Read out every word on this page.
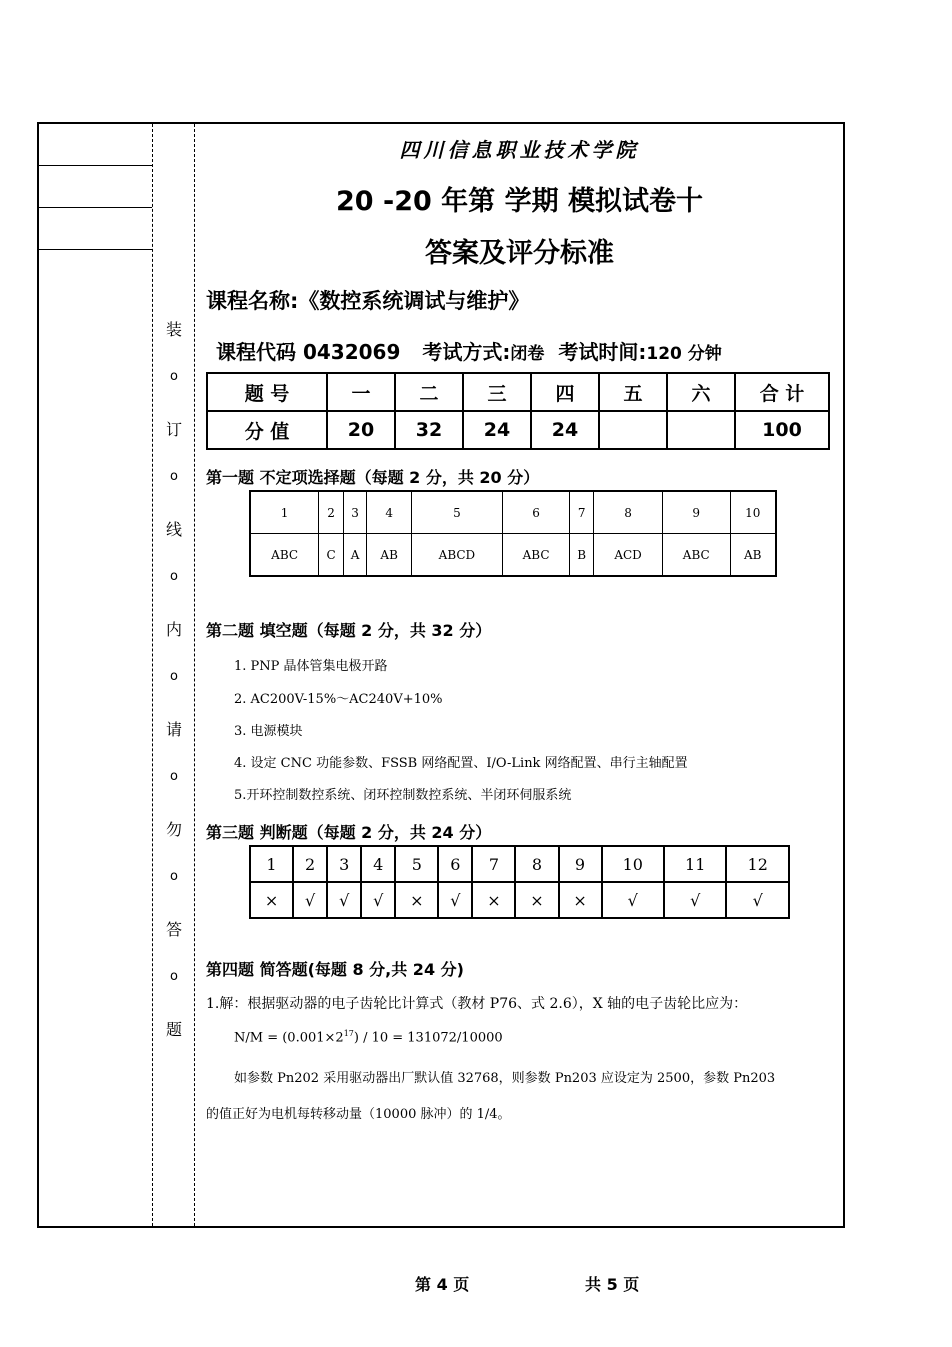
装
o
订
o
线
o
内
o
请
o
勿
o
答
o
题
四川信息职业技术学院
20 -20 年第 学期 模拟试卷十
答案及评分标准
课程名称:《数控系统调试与维护》
课程代码 0432069 考试方式:闭卷 考试时间:120 分钟
题 号	一	二	三	四	五	六	合 计
分 值	20	32	24	24			100
第一题 不定项选择题（每题 2 分，共 20 分）
1	2	3	4	5	6	7	8	9	10
ABC	C	A	AB	ABCD	ABC	B	ACD	ABC	AB
第二题 填空题（每题 2 分，共 32 分）
1. PNP 晶体管集电极开路
2. AC200V-15%～AC240V+10%
3. 电源模块
4. 设定 CNC 功能参数、FSSB 网络配置、I/O-Link 网络配置、串行主轴配置
5.开环控制数控系统、闭环控制数控系统、半闭环伺服系统
第三题 判断题（每题 2 分，共 24 分）
1	2	3	4	5	6	7	8	9	10	11	12
×	√	√	√	×	√	×	×	×	√	√	√
第四题 简答题(每题 8 分,共 24 分)
1.解：根据驱动器的电子齿轮比计算式（教材 P76、式 2.6），X 轴的电子齿轮比应为：
$N/M = (0.001\times 2^{17}) / 10 = 131072/10000$
如参数 Pn202 采用驱动器出厂默认值 32768，则参数 Pn203 应设定为 2500，参数 Pn203
的值正好为电机每转移动量（10000 脉冲）的 1/4。
第 4 页	共 5 页
